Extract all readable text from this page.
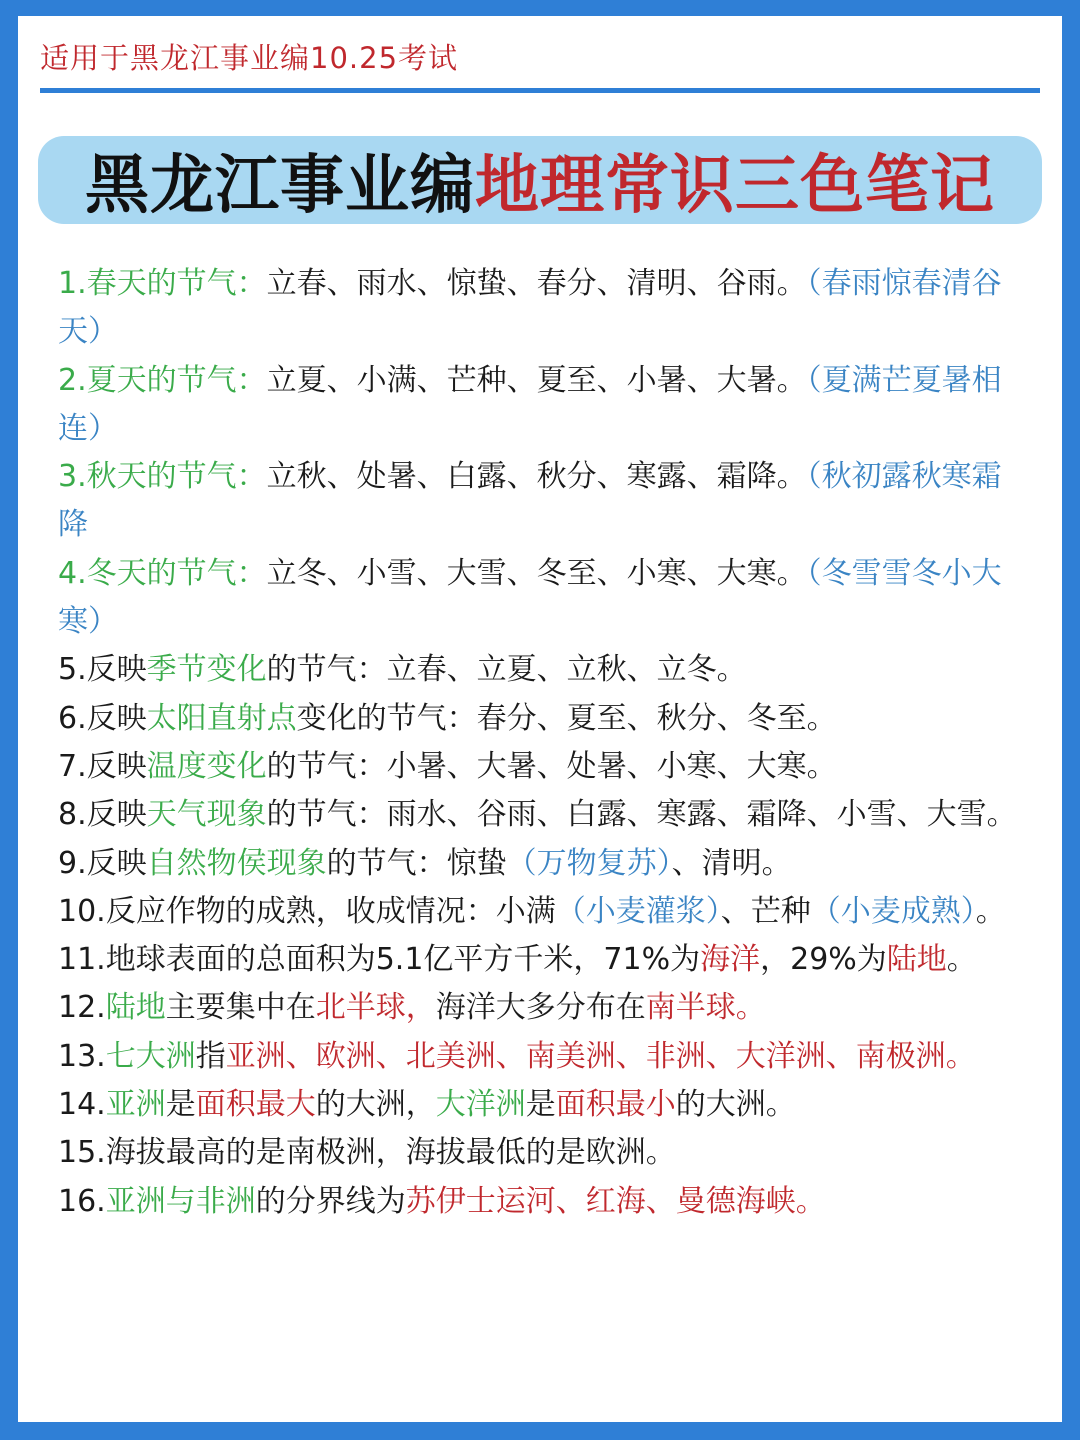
适用于黑龙江事业编10.25考试
黑龙江事业编 地理常识三色笔记

1.春天的节气：立春、雨水、惊蛰、春分、清明、谷雨。（春雨惊春清谷天）

2.夏天的节气：立夏、小满、芒种、夏至、小暑、大暑。（夏满芒夏暑相连）

3.秋天的节气：立秋、处暑、白露、秋分、寒露、霜降。（秋初露秋寒霜降

4.冬天的节气：立冬、小雪、大雪、冬至、小寒、大寒。（冬雪雪冬小大寒）

5.反映季节变化的节气：立春、立夏、立秋、立冬。

6.反映太阳直射点变化的节气：春分、夏至、秋分、冬至。

7.反映温度变化的节气：小暑、大暑、处暑、小寒、大寒。

8.反映天气现象的节气：雨水、谷雨、白露、寒露、霜降、小雪、大雪。

9.反映自然物侯现象的节气：惊蛰（万物复苏）、清明。

10.反应作物的成熟，收成情况：小满（小麦灌浆）、芒种（小麦成熟）。

11.地球表面的总面积为5.1亿平方千米，71%为海洋，29%为陆地。

12.陆地主要集中在北半球，海洋大多分布在南半球。

13.七大洲指亚洲、欧洲、北美洲、南美洲、非洲、大洋洲、南极洲。

14.亚洲是面积最大的大洲，大洋洲是面积最小的大洲。

15.海拔最高的是南极洲，海拔最低的是欧洲。

16.亚洲与非洲的分界线为苏伊士运河、红海、曼德海峡。
